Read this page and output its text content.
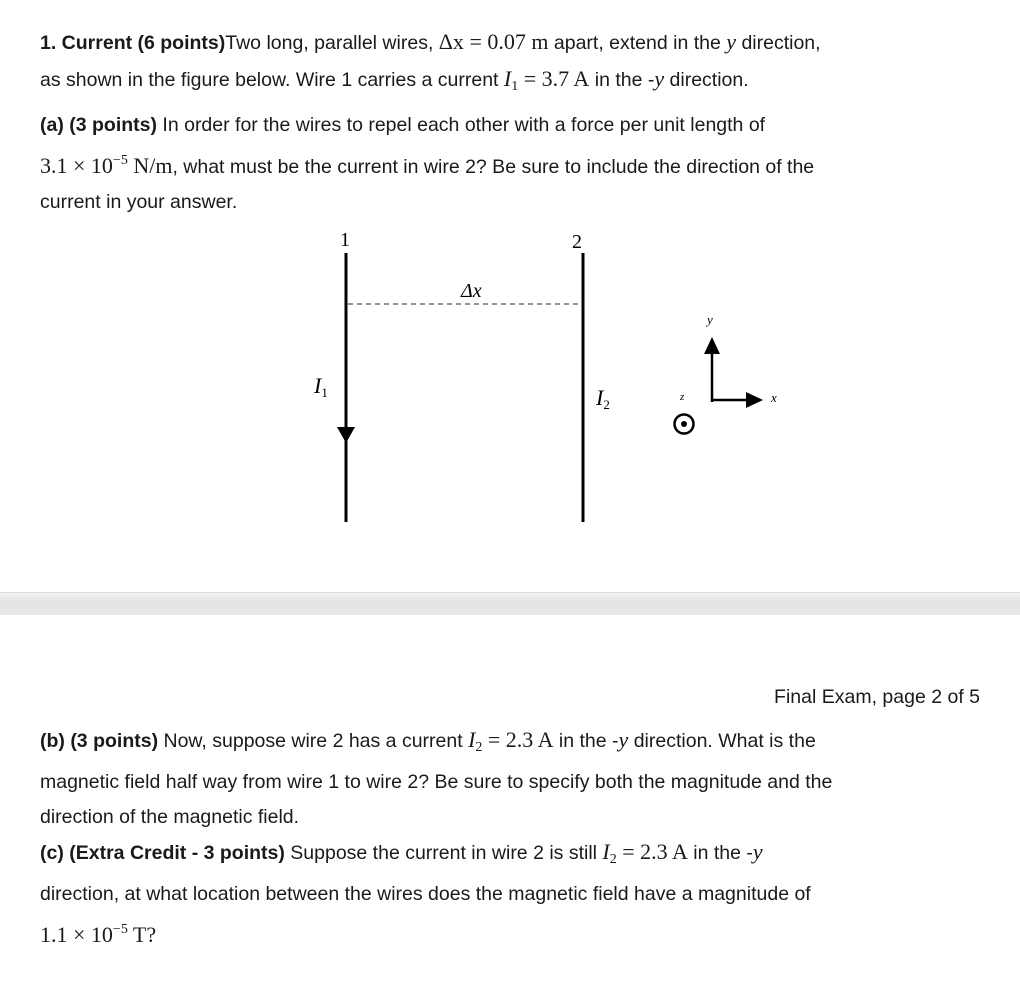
1. Current (6 points)Two long, parallel wires, Δx = 0.07 m apart, extend in the y direction,
as shown in the figure below. Wire 1 carries a current $I_1 = 3.7$ A in the -y direction.

(a) (3 points) In order for the wires to repel each other with a force per unit length of
$3.1 \times 10^{-5}$ N/m, what must be the current in wire 2? Be sure to include the direction of the
current in your answer.

1	2
Δx
I1	I2
y
x
z
Final Exam, page 2 of 5

(b) (3 points) Now, suppose wire 2 has a current $I_2 = 2.3$ A in the -y direction. What is the
magnetic field half way from wire 1 to wire 2? Be sure to specify both the magnitude and the
direction of the magnetic field.

(c) (Extra Credit - 3 points) Suppose the current in wire 2 is still $I_2 = 2.3$ A in the -y
direction, at what location between the wires does the magnetic field have a magnitude of
$1.1 \times 10^{-5}$ T?
